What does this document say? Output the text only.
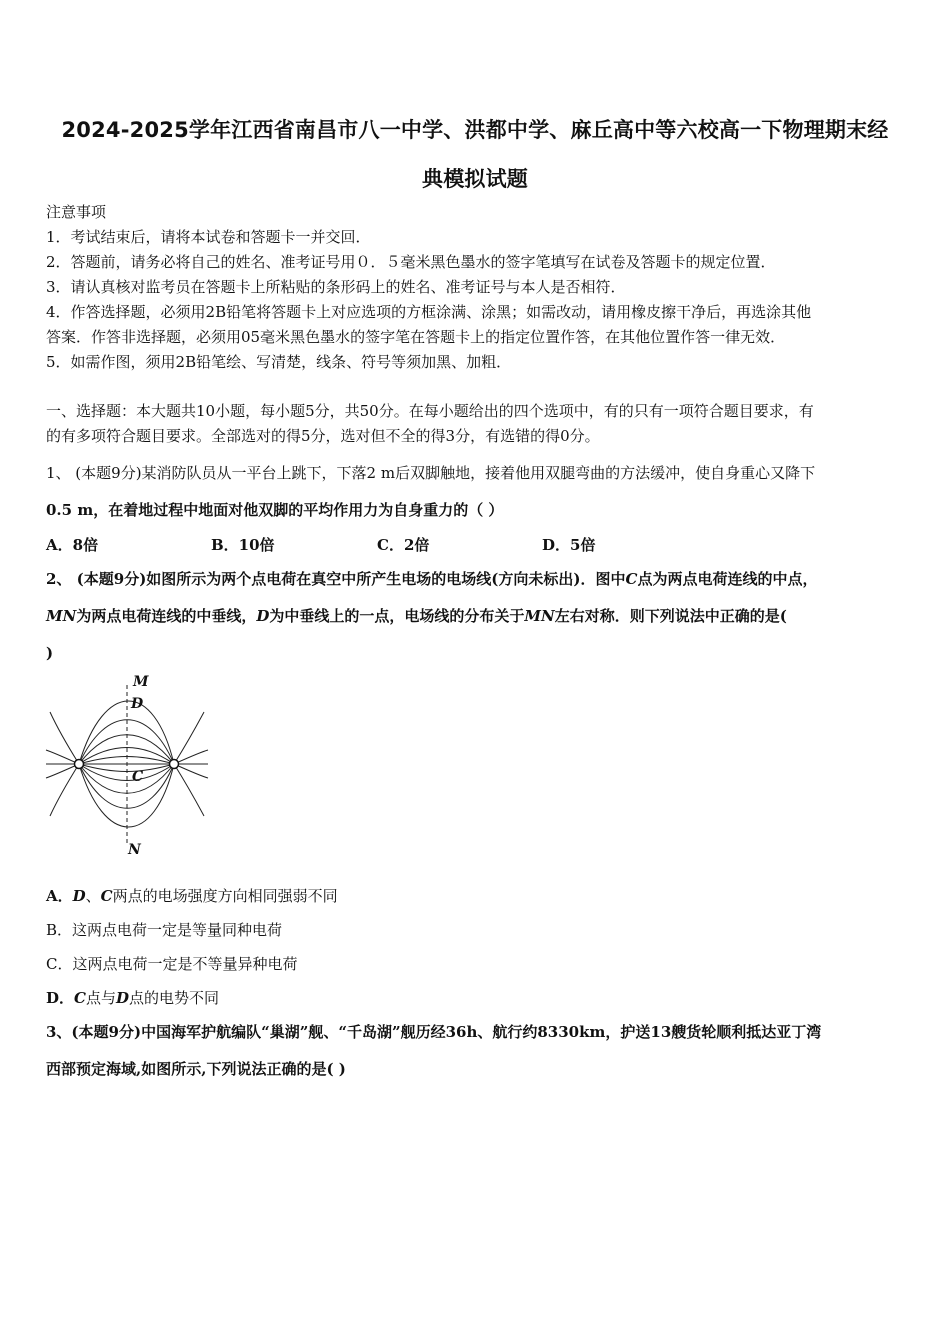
2024-2025学年江西省南昌市八一中学、洪都中学、麻丘高中等六校高一下物理期末经
典模拟试题
注意事项
1．考试结束后，请将本试卷和答题卡一并交回．
2．答题前，请务必将自己的姓名、准考证号用０．５毫米黑色墨水的签字笔填写在试卷及答题卡的规定位置．
3．请认真核对监考员在答题卡上所粘贴的条形码上的姓名、准考证号与本人是否相符．
4．作答选择题，必须用2B铅笔将答题卡上对应选项的方框涂满、涂黑；如需改动，请用橡皮擦干净后，再选涂其他
答案．作答非选择题，必须用05毫米黑色墨水的签字笔在答题卡上的指定位置作答，在其他位置作答一律无效．
5．如需作图，须用2B铅笔绘、写清楚，线条、符号等须加黑、加粗．
一、选择题：本大题共10小题，每小题5分，共50分。在每小题给出的四个选项中，有的只有一项符合题目要求，有
的有多项符合题目要求。全部选对的得5分，选对但不全的得3分，有选错的得0分。
1、 (本题9分)某消防队员从一平台上跳下，下落2 m后双脚触地，接着他用双腿弯曲的方法缓冲，使自身重心又降下
0.5 m，在着地过程中地面对他双脚的平均作用力为自身重力的（ ）
A．8倍	B．10倍	C．2倍	D．5倍
2、 (本题9分)如图所示为两个点电荷在真空中所产生电场的电场线(方向未标出)．图中C点为两点电荷连线的中点，
MN为两点电荷连线的中垂线，D为中垂线上的一点，电场线的分布关于MN左右对称．则下列说法中正确的是(
)
M
D
C
N
A．D、C两点的电场强度方向相同强弱不同
B．这两点电荷一定是等量同种电荷
C．这两点电荷一定是不等量异种电荷
D．C点与D点的电势不同
3、(本题9分)中国海军护航编队“巢湖”舰、“千岛湖”舰历经36h、航行约8330km，护送13艘货轮顺利抵达亚丁湾
西部预定海域,如图所示,下列说法正确的是( )
